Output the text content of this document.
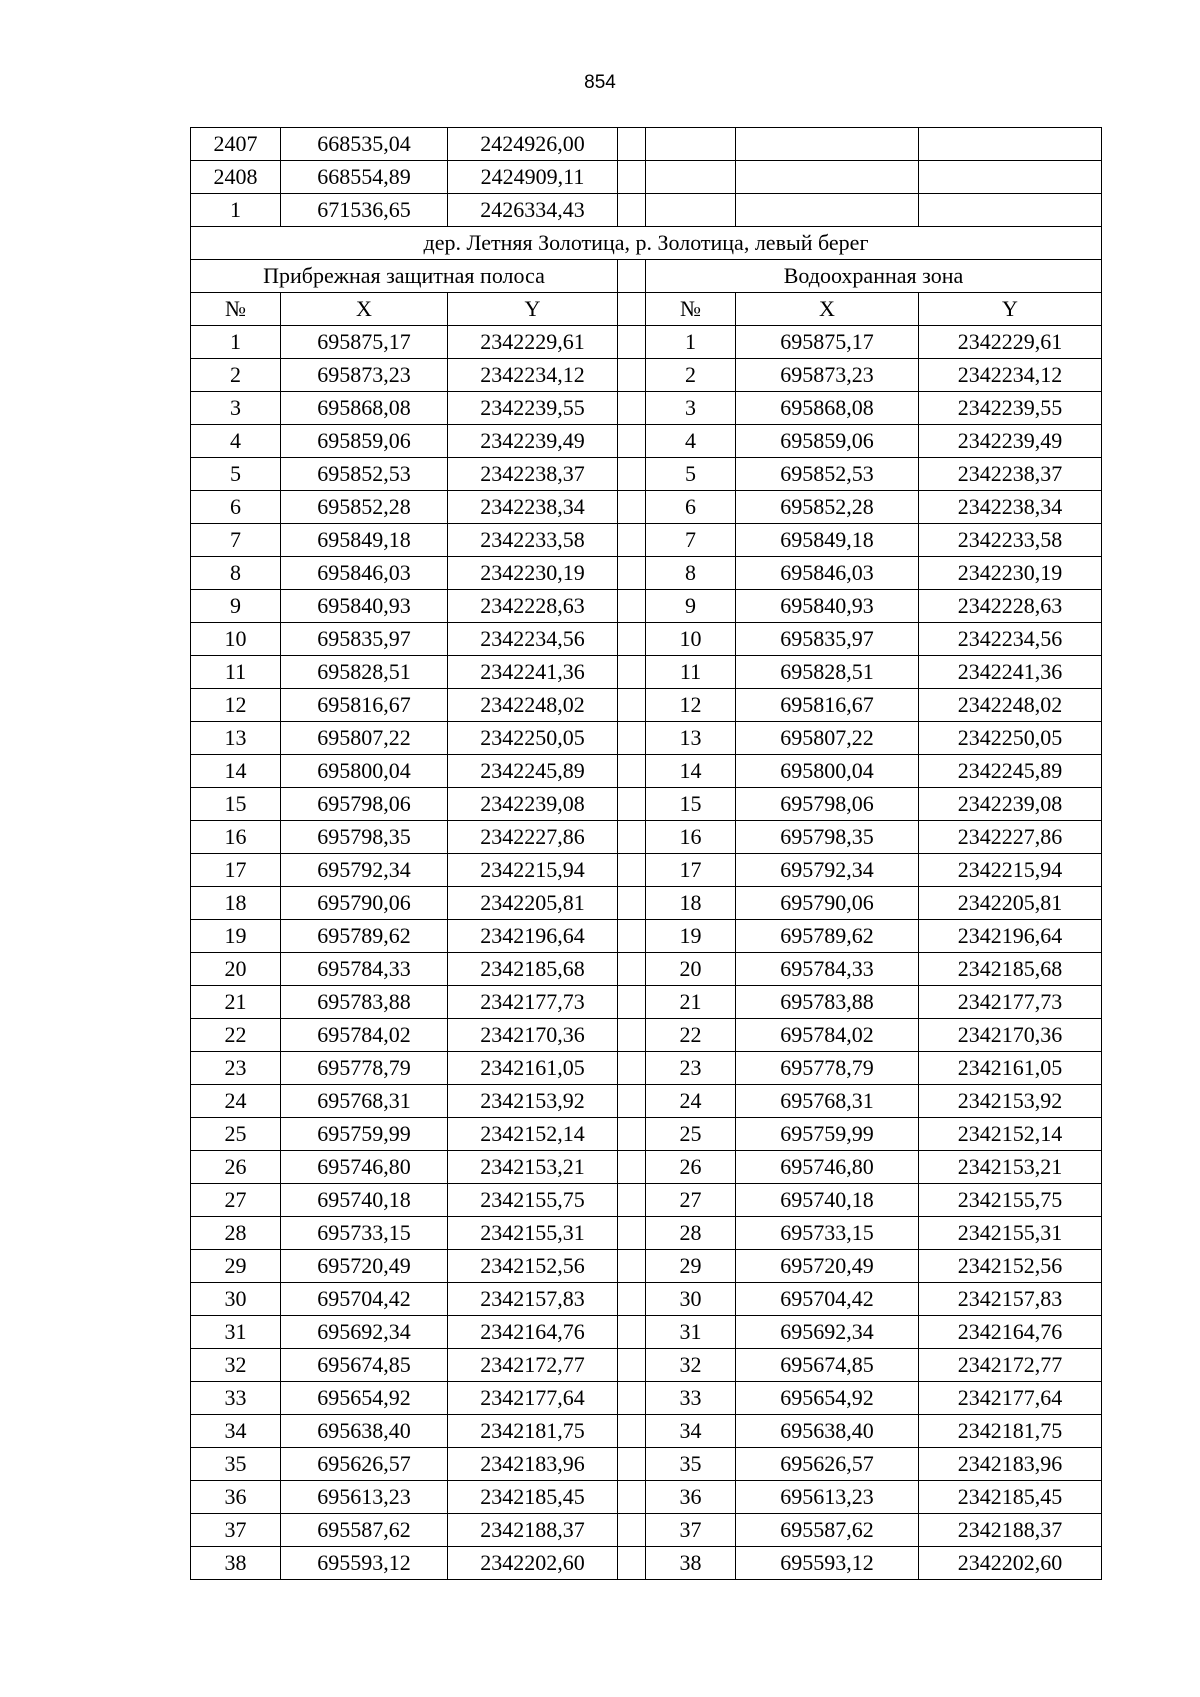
854
2407	668535,04	2424926,00				
2408	668554,89	2424909,11				
1	671536,65	2426334,43				
дер. Летняя Золотица, р. Золотица, левый берег						
Прибрежная защитная полоса				Водоохранная зона		
№	X	Y		№	X	Y
1	695875,17	2342229,61		1	695875,17	2342229,61
2	695873,23	2342234,12		2	695873,23	2342234,12
3	695868,08	2342239,55		3	695868,08	2342239,55
4	695859,06	2342239,49		4	695859,06	2342239,49
5	695852,53	2342238,37		5	695852,53	2342238,37
6	695852,28	2342238,34		6	695852,28	2342238,34
7	695849,18	2342233,58		7	695849,18	2342233,58
8	695846,03	2342230,19		8	695846,03	2342230,19
9	695840,93	2342228,63		9	695840,93	2342228,63
10	695835,97	2342234,56		10	695835,97	2342234,56
11	695828,51	2342241,36		11	695828,51	2342241,36
12	695816,67	2342248,02		12	695816,67	2342248,02
13	695807,22	2342250,05		13	695807,22	2342250,05
14	695800,04	2342245,89		14	695800,04	2342245,89
15	695798,06	2342239,08		15	695798,06	2342239,08
16	695798,35	2342227,86		16	695798,35	2342227,86
17	695792,34	2342215,94		17	695792,34	2342215,94
18	695790,06	2342205,81		18	695790,06	2342205,81
19	695789,62	2342196,64		19	695789,62	2342196,64
20	695784,33	2342185,68		20	695784,33	2342185,68
21	695783,88	2342177,73		21	695783,88	2342177,73
22	695784,02	2342170,36		22	695784,02	2342170,36
23	695778,79	2342161,05		23	695778,79	2342161,05
24	695768,31	2342153,92		24	695768,31	2342153,92
25	695759,99	2342152,14		25	695759,99	2342152,14
26	695746,80	2342153,21		26	695746,80	2342153,21
27	695740,18	2342155,75		27	695740,18	2342155,75
28	695733,15	2342155,31		28	695733,15	2342155,31
29	695720,49	2342152,56		29	695720,49	2342152,56
30	695704,42	2342157,83		30	695704,42	2342157,83
31	695692,34	2342164,76		31	695692,34	2342164,76
32	695674,85	2342172,77		32	695674,85	2342172,77
33	695654,92	2342177,64		33	695654,92	2342177,64
34	695638,40	2342181,75		34	695638,40	2342181,75
35	695626,57	2342183,96		35	695626,57	2342183,96
36	695613,23	2342185,45		36	695613,23	2342185,45
37	695587,62	2342188,37		37	695587,62	2342188,37
38	695593,12	2342202,60		38	695593,12	2342202,60
